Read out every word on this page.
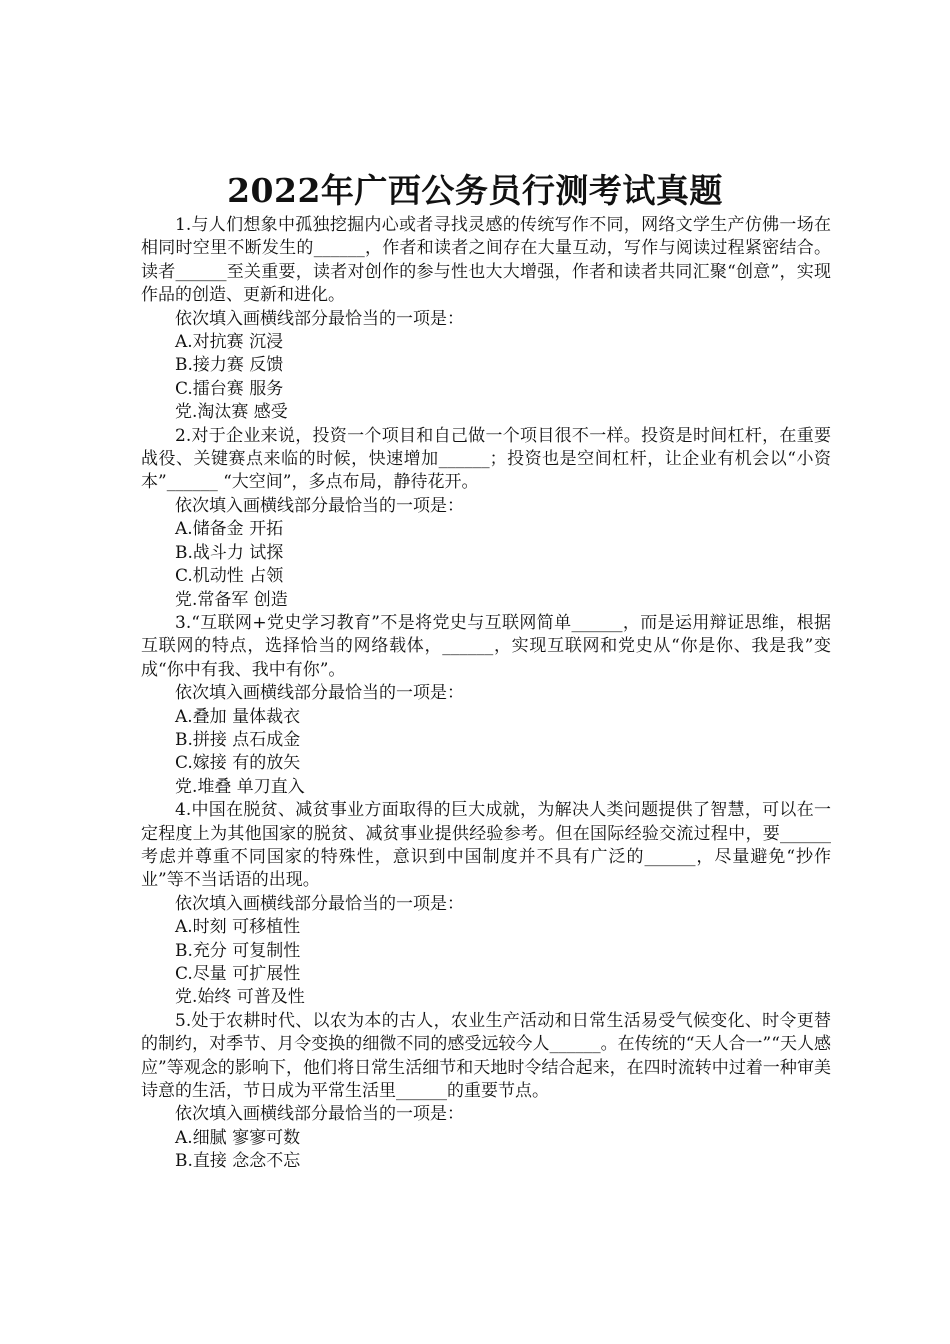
2022年广西公务员行测考试真题

1.与人们想象中孤独挖掘内心或者寻找灵感的传统写作不同，网络文学生产仿佛一场在相同时空里不断发生的______，作者和读者之间存在大量互动，写作与阅读过程紧密结合。读者______至关重要，读者对创作的参与性也大大增强，作者和读者共同汇聚“创意”，实现作品的创造、更新和进化。

依次填入画横线部分最恰当的一项是：

A.对抗赛 沉浸

B.接力赛 反馈

C.擂台赛 服务

党.淘汰赛 感受

2.对于企业来说，投资一个项目和自己做一个项目很不一样。投资是时间杠杆，在重要战役、关键赛点来临的时候，快速增加______；投资也是空间杠杆，让企业有机会以“小资本”______ “大空间”，多点布局，静待花开。

依次填入画横线部分最恰当的一项是：

A.储备金 开拓

B.战斗力 试探

C.机动性 占领

党.常备军 创造

3.“互联网+党史学习教育”不是将党史与互联网简单______，而是运用辩证思维，根据互联网的特点，选择恰当的网络载体，______，实现互联网和党史从“你是你、我是我”变成“你中有我、我中有你”。

依次填入画横线部分最恰当的一项是：

A.叠加 量体裁衣

B.拼接 点石成金

C.嫁接 有的放矢

党.堆叠 单刀直入

4.中国在脱贫、减贫事业方面取得的巨大成就，为解决人类问题提供了智慧，可以在一定程度上为其他国家的脱贫、减贫事业提供经验参考。但在国际经验交流过程中，要______考虑并尊重不同国家的特殊性，意识到中国制度并不具有广泛的______，尽量避免“抄作业”等不当话语的出现。

依次填入画横线部分最恰当的一项是：

A.时刻 可移植性

B.充分 可复制性

C.尽量 可扩展性

党.始终 可普及性

5.处于农耕时代、以农为本的古人，农业生产活动和日常生活易受气候变化、时令更替的制约，对季节、月令变换的细微不同的感受远较今人______。在传统的“天人合一”“天人感应”等观念的影响下，他们将日常生活细节和天地时令结合起来，在四时流转中过着一种审美诗意的生活，节日成为平常生活里______的重要节点。

依次填入画横线部分最恰当的一项是：

A.细腻 寥寥可数

B.直接 念念不忘
